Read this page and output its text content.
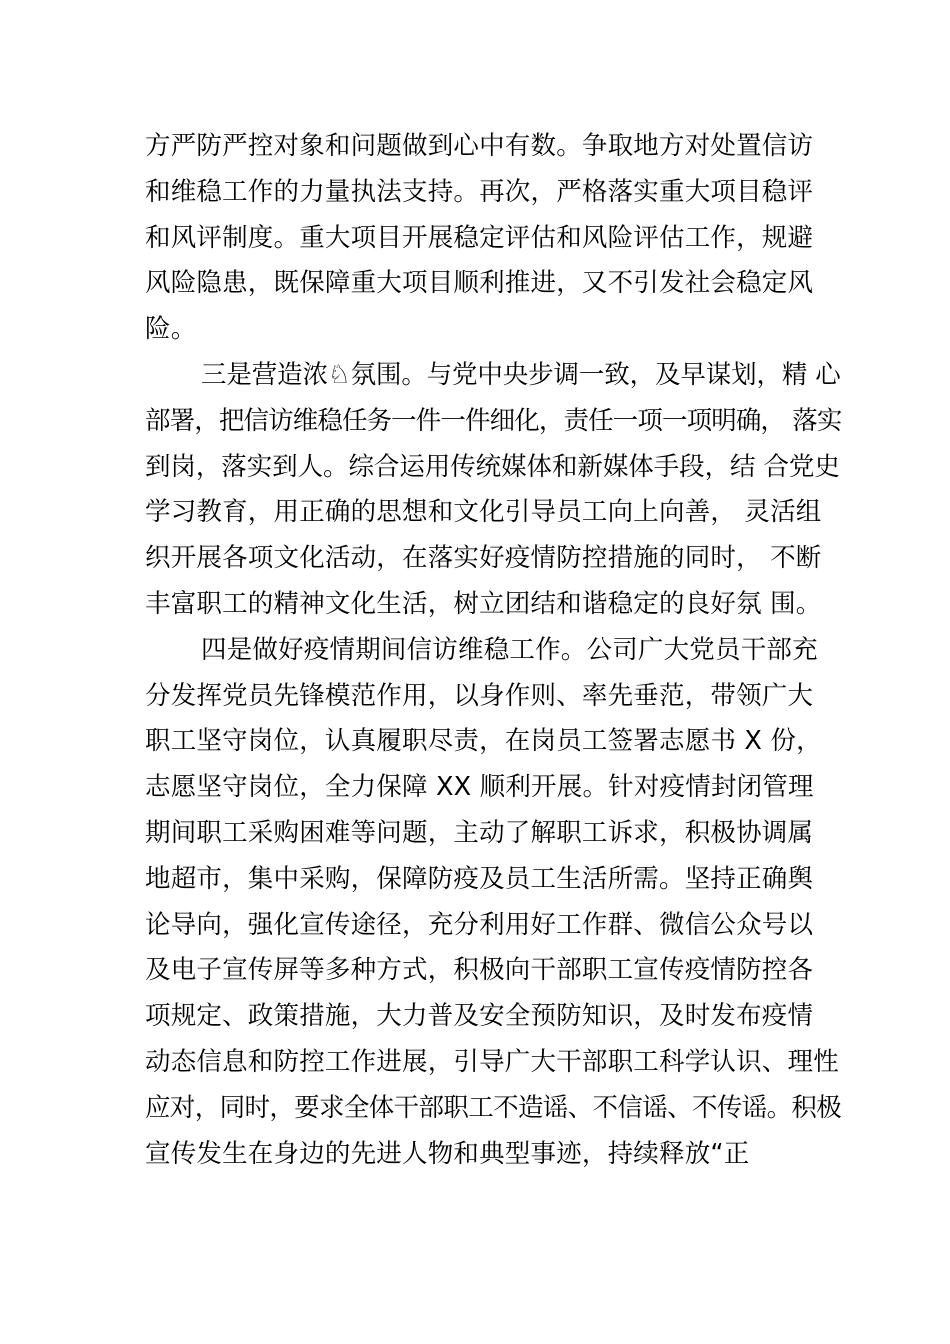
方严防严控对象和问题做到心中有数。争取地方对处置信访
和维稳工作的力量执法支持。再次，严格落实重大项目稳评
和风评制度。重大项目开展稳定评估和风险评估工作，规避
风险隐患，既保障重大项目顺利推进，又不引发社会稳定风
险。
三是营造浓♘氛围。与党中央步调一致，及早谋划，精 心
部署，把信访维稳任务一件一件细化，责任一项一项明确， 落实
到岗，落实到人。综合运用传统媒体和新媒体手段，结 合党史
学习教育，用正确的思想和文化引导员工向上向善， 灵活组
织开展各项文化活动，在落实好疫情防控措施的同时， 不断
丰富职工的精神文化生活，树立团结和谐稳定的良好氛 围。
四是做好疫情期间信访维稳工作。公司广大党员干部充
分发挥党员先锋模范作用，以身作则、率先垂范，带领广大
职工坚守岗位，认真履职尽责，在岗员工签署志愿书 X 份，
志愿坚守岗位，全力保障 XX 顺利开展。针对疫情封闭管理
期间职工采购困难等问题，主动了解职工诉求，积极协调属
地超市，集中采购，保障防疫及员工生活所需。坚持正确舆
论导向，强化宣传途径，充分利用好工作群、微信公众号以
及电子宣传屏等多种方式，积极向干部职工宣传疫情防控各
项规定、政策措施，大力普及安全预防知识，及时发布疫情
动态信息和防控工作进展，引导广大干部职工科学认识、理性
应对，同时，要求全体干部职工不造谣、不信谣、不传谣。积极
宣传发生在身边的先进人物和典型事迹，持续释放“正
